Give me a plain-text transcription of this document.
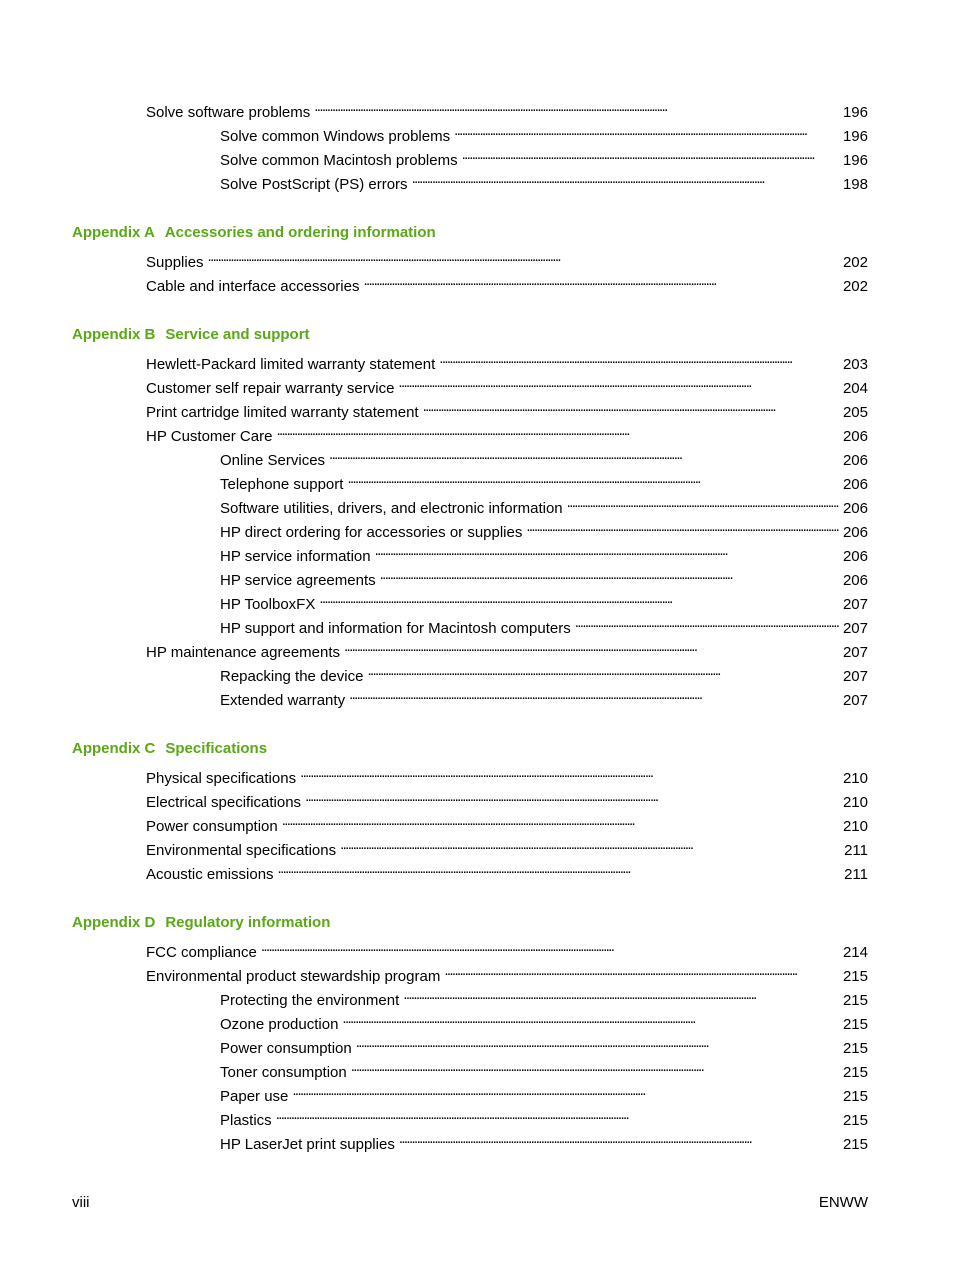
Solve software problems . . .	196
Solve common Windows problems . . .	196
Solve common Macintosh problems . . .	196
Solve PostScript (PS) errors . . .	198
Appendix A Accessories and ordering information
Supplies . . .	202
Cable and interface accessories . . .	202
Appendix B Service and support
Hewlett-Packard limited warranty statement . . .	203
Customer self repair warranty service . . .	204
Print cartridge limited warranty statement . . .	205
HP Customer Care . . .	206
Online Services . . .	206
Telephone support . . .	206
Software utilities, drivers, and electronic information . . .	206
HP direct ordering for accessories or supplies . . .	206
HP service information . . .	206
HP service agreements . . .	206
HP ToolboxFX . . .	207
HP support and information for Macintosh computers . . .	207
HP maintenance agreements . . .	207
Repacking the device . . .	207
Extended warranty . . .	207
Appendix C Specifications
Physical specifications . . .	210
Electrical specifications . . .	210
Power consumption . . .	210
Environmental specifications . . .	211
Acoustic emissions . . .	211
Appendix D Regulatory information
FCC compliance . . .	214
Environmental product stewardship program . . .	215
Protecting the environment . . .	215
Ozone production . . .	215
Power consumption . . .	215
Toner consumption . . .	215
Paper use . . .	215
Plastics . . .	215
HP LaserJet print supplies . . .	215
viii	ENWW
